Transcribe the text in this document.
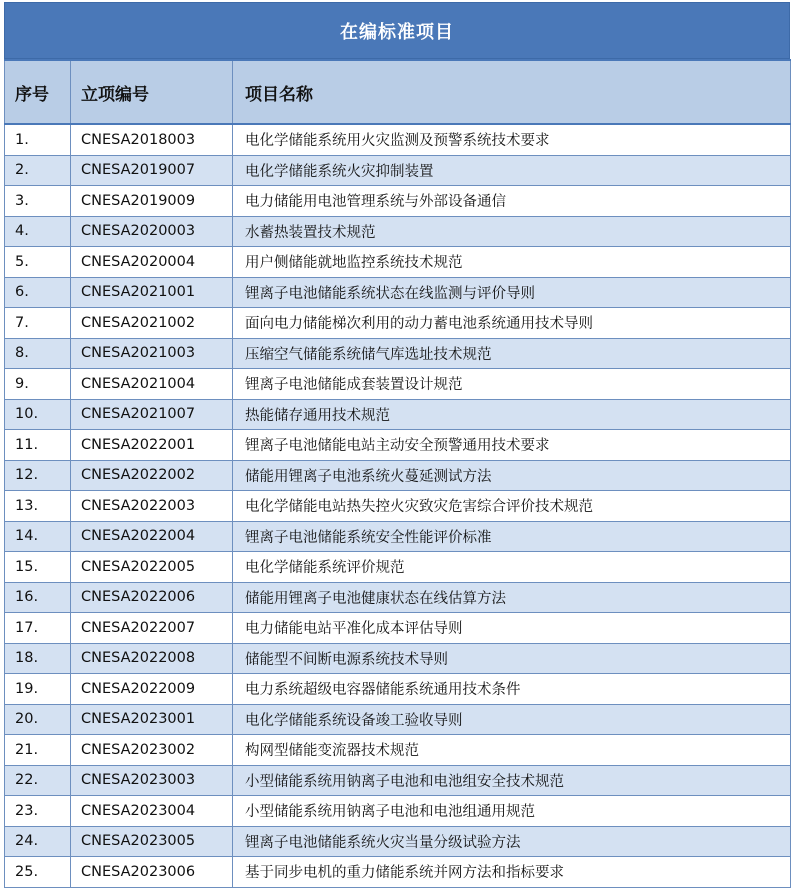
在编标准项目
序号	立项编号	项目名称
1.	CNESA2018003	电化学储能系统用火灾监测及预警系统技术要求
2.	CNESA2019007	电化学储能系统火灾抑制装置
3.	CNESA2019009	电力储能用电池管理系统与外部设备通信
4.	CNESA2020003	水蓄热装置技术规范
5.	CNESA2020004	用户侧储能就地监控系统技术规范
6.	CNESA2021001	锂离子电池储能系统状态在线监测与评价导则
7.	CNESA2021002	面向电力储能梯次利用的动力蓄电池系统通用技术导则
8.	CNESA2021003	压缩空气储能系统储气库选址技术规范
9.	CNESA2021004	锂离子电池储能成套装置设计规范
10.	CNESA2021007	热能储存通用技术规范
11.	CNESA2022001	锂离子电池储能电站主动安全预警通用技术要求
12.	CNESA2022002	储能用锂离子电池系统火蔓延测试方法
13.	CNESA2022003	电化学储能电站热失控火灾致灾危害综合评价技术规范
14.	CNESA2022004	锂离子电池储能系统安全性能评价标准
15.	CNESA2022005	电化学储能系统评价规范
16.	CNESA2022006	储能用锂离子电池健康状态在线估算方法
17.	CNESA2022007	电力储能电站平准化成本评估导则
18.	CNESA2022008	储能型不间断电源系统技术导则
19.	CNESA2022009	电力系统超级电容器储能系统通用技术条件
20.	CNESA2023001	电化学储能系统设备竣工验收导则
21.	CNESA2023002	构网型储能变流器技术规范
22.	CNESA2023003	小型储能系统用钠离子电池和电池组安全技术规范
23.	CNESA2023004	小型储能系统用钠离子电池和电池组通用规范
24.	CNESA2023005	锂离子电池储能系统火灾当量分级试验方法
25.	CNESA2023006	基于同步电机的重力储能系统并网方法和指标要求
